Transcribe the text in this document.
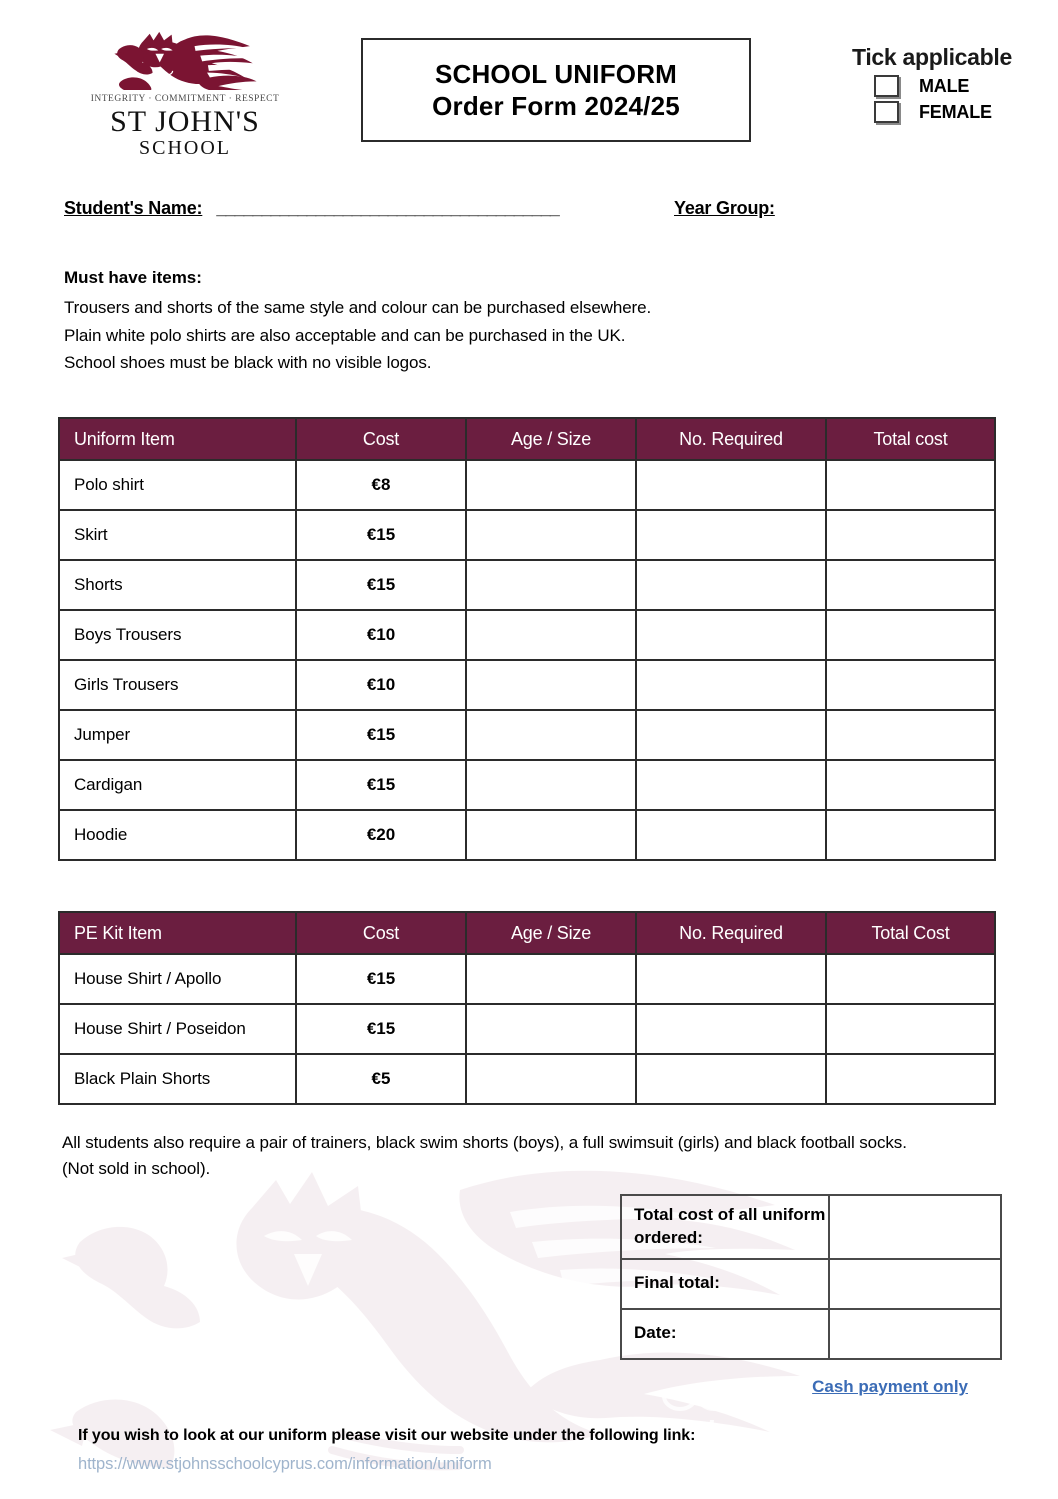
INTEGRITY · COMMITMENT · RESPECT
ST JOHN'S
SCHOOL
SCHOOL UNIFORM
Order Form 2024/25
Tick applicable
MALE
FEMALE
Student's Name: ______________________________________	Year Group:
Must have items:
Trousers and shorts of the same style and colour can be purchased elsewhere.
Plain white polo shirts are also acceptable and can be purchased in the UK.
School shoes must be black with no visible logos.
Uniform Item	Cost	Age / Size	No. Required	Total cost
Polo shirt	€8			
Skirt	€15			
Shorts	€15			
Boys Trousers	€10			
Girls Trousers	€10			
Jumper	€15			
Cardigan	€15			
Hoodie	€20			
PE Kit Item	Cost	Age / Size	No. Required	Total Cost
House Shirt / Apollo	€15			
House Shirt / Poseidon	€15			
Black Plain Shorts	€5			
All students also require a pair of trainers, black swim shorts (boys), a full swimsuit (girls) and black football socks. (Not sold in school).
Total cost of all uniform ordered:	
Final total:	
Date:	
Cash payment only
If you wish to look at our uniform please visit our website under the following link:
https://www.stjohnsschoolcyprus.com/information/uniform
